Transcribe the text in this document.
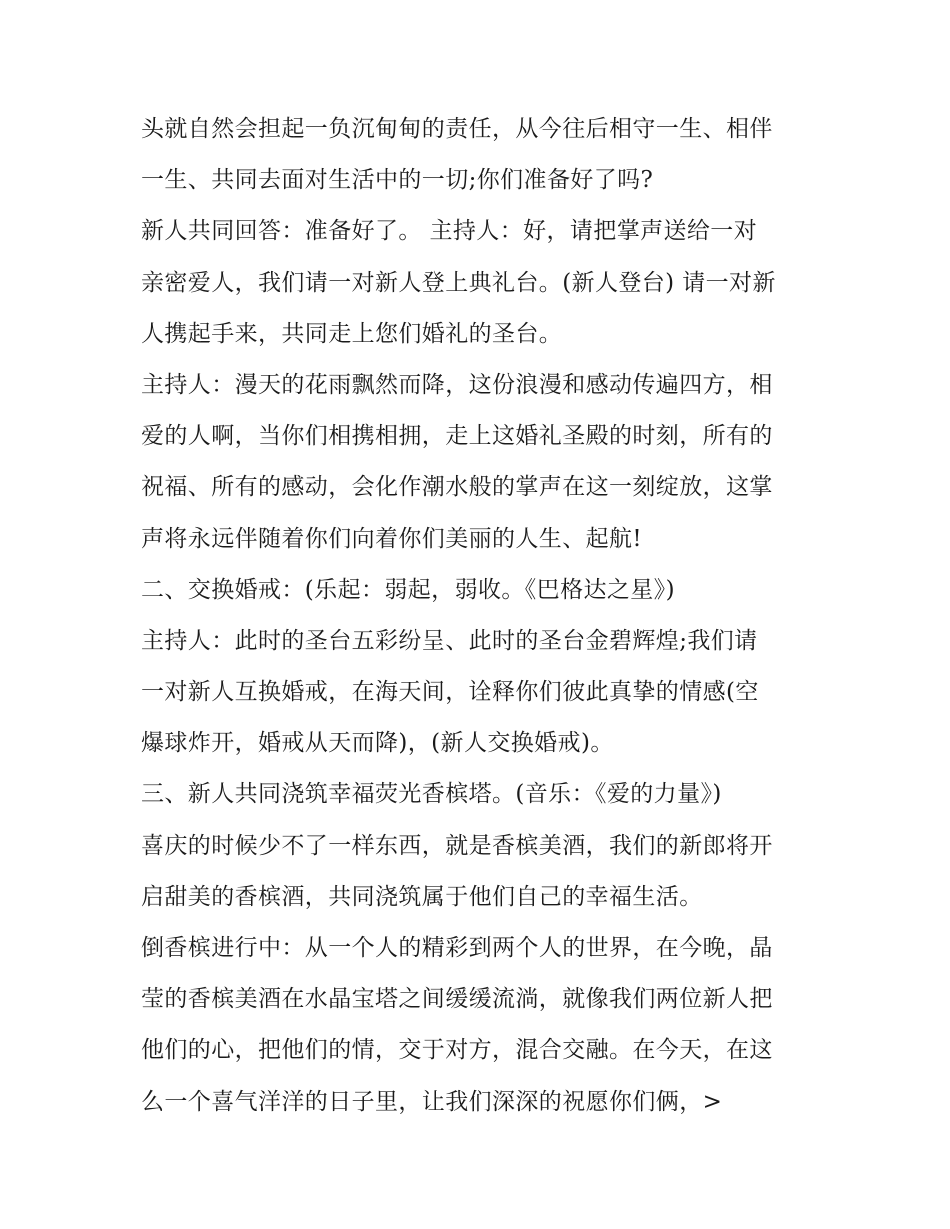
头就自然会担起一负沉甸甸的责任，从今往后相守一生、相伴
一生、共同去面对生活中的一切;你们准备好了吗?
新人共同回答：准备好了。 主持人：好，请把掌声送给一对
亲密爱人，我们请一对新人登上典礼台。(新人登台) 请一对新
人携起手来，共同走上您们婚礼的圣台。
主持人：漫天的花雨飘然而降，这份浪漫和感动传遍四方，相
爱的人啊，当你们相携相拥，走上这婚礼圣殿的时刻，所有的
祝福、所有的感动，会化作潮水般的掌声在这一刻绽放，这掌
声将永远伴随着你们向着你们美丽的人生、起航!
二、交换婚戒：(乐起：弱起，弱收。《巴格达之星》)
主持人：此时的圣台五彩纷呈、此时的圣台金碧辉煌;我们请
一对新人互换婚戒，在海天间，诠释你们彼此真挚的情感(空
爆球炸开，婚戒从天而降)，(新人交换婚戒)。
三、新人共同浇筑幸福荧光香槟塔。(音乐：《爱的力量》)
喜庆的时候少不了一样东西，就是香槟美酒，我们的新郎将开
启甜美的香槟酒，共同浇筑属于他们自己的幸福生活。
倒香槟进行中：从一个人的精彩到两个人的世界，在今晚，晶
莹的香槟美酒在水晶宝塔之间缓缓流淌，就像我们两位新人把
他们的心，把他们的情，交于对方，混合交融。在今天，在这
么一个喜气洋洋的日子里，让我们深深的祝愿你们俩，>
